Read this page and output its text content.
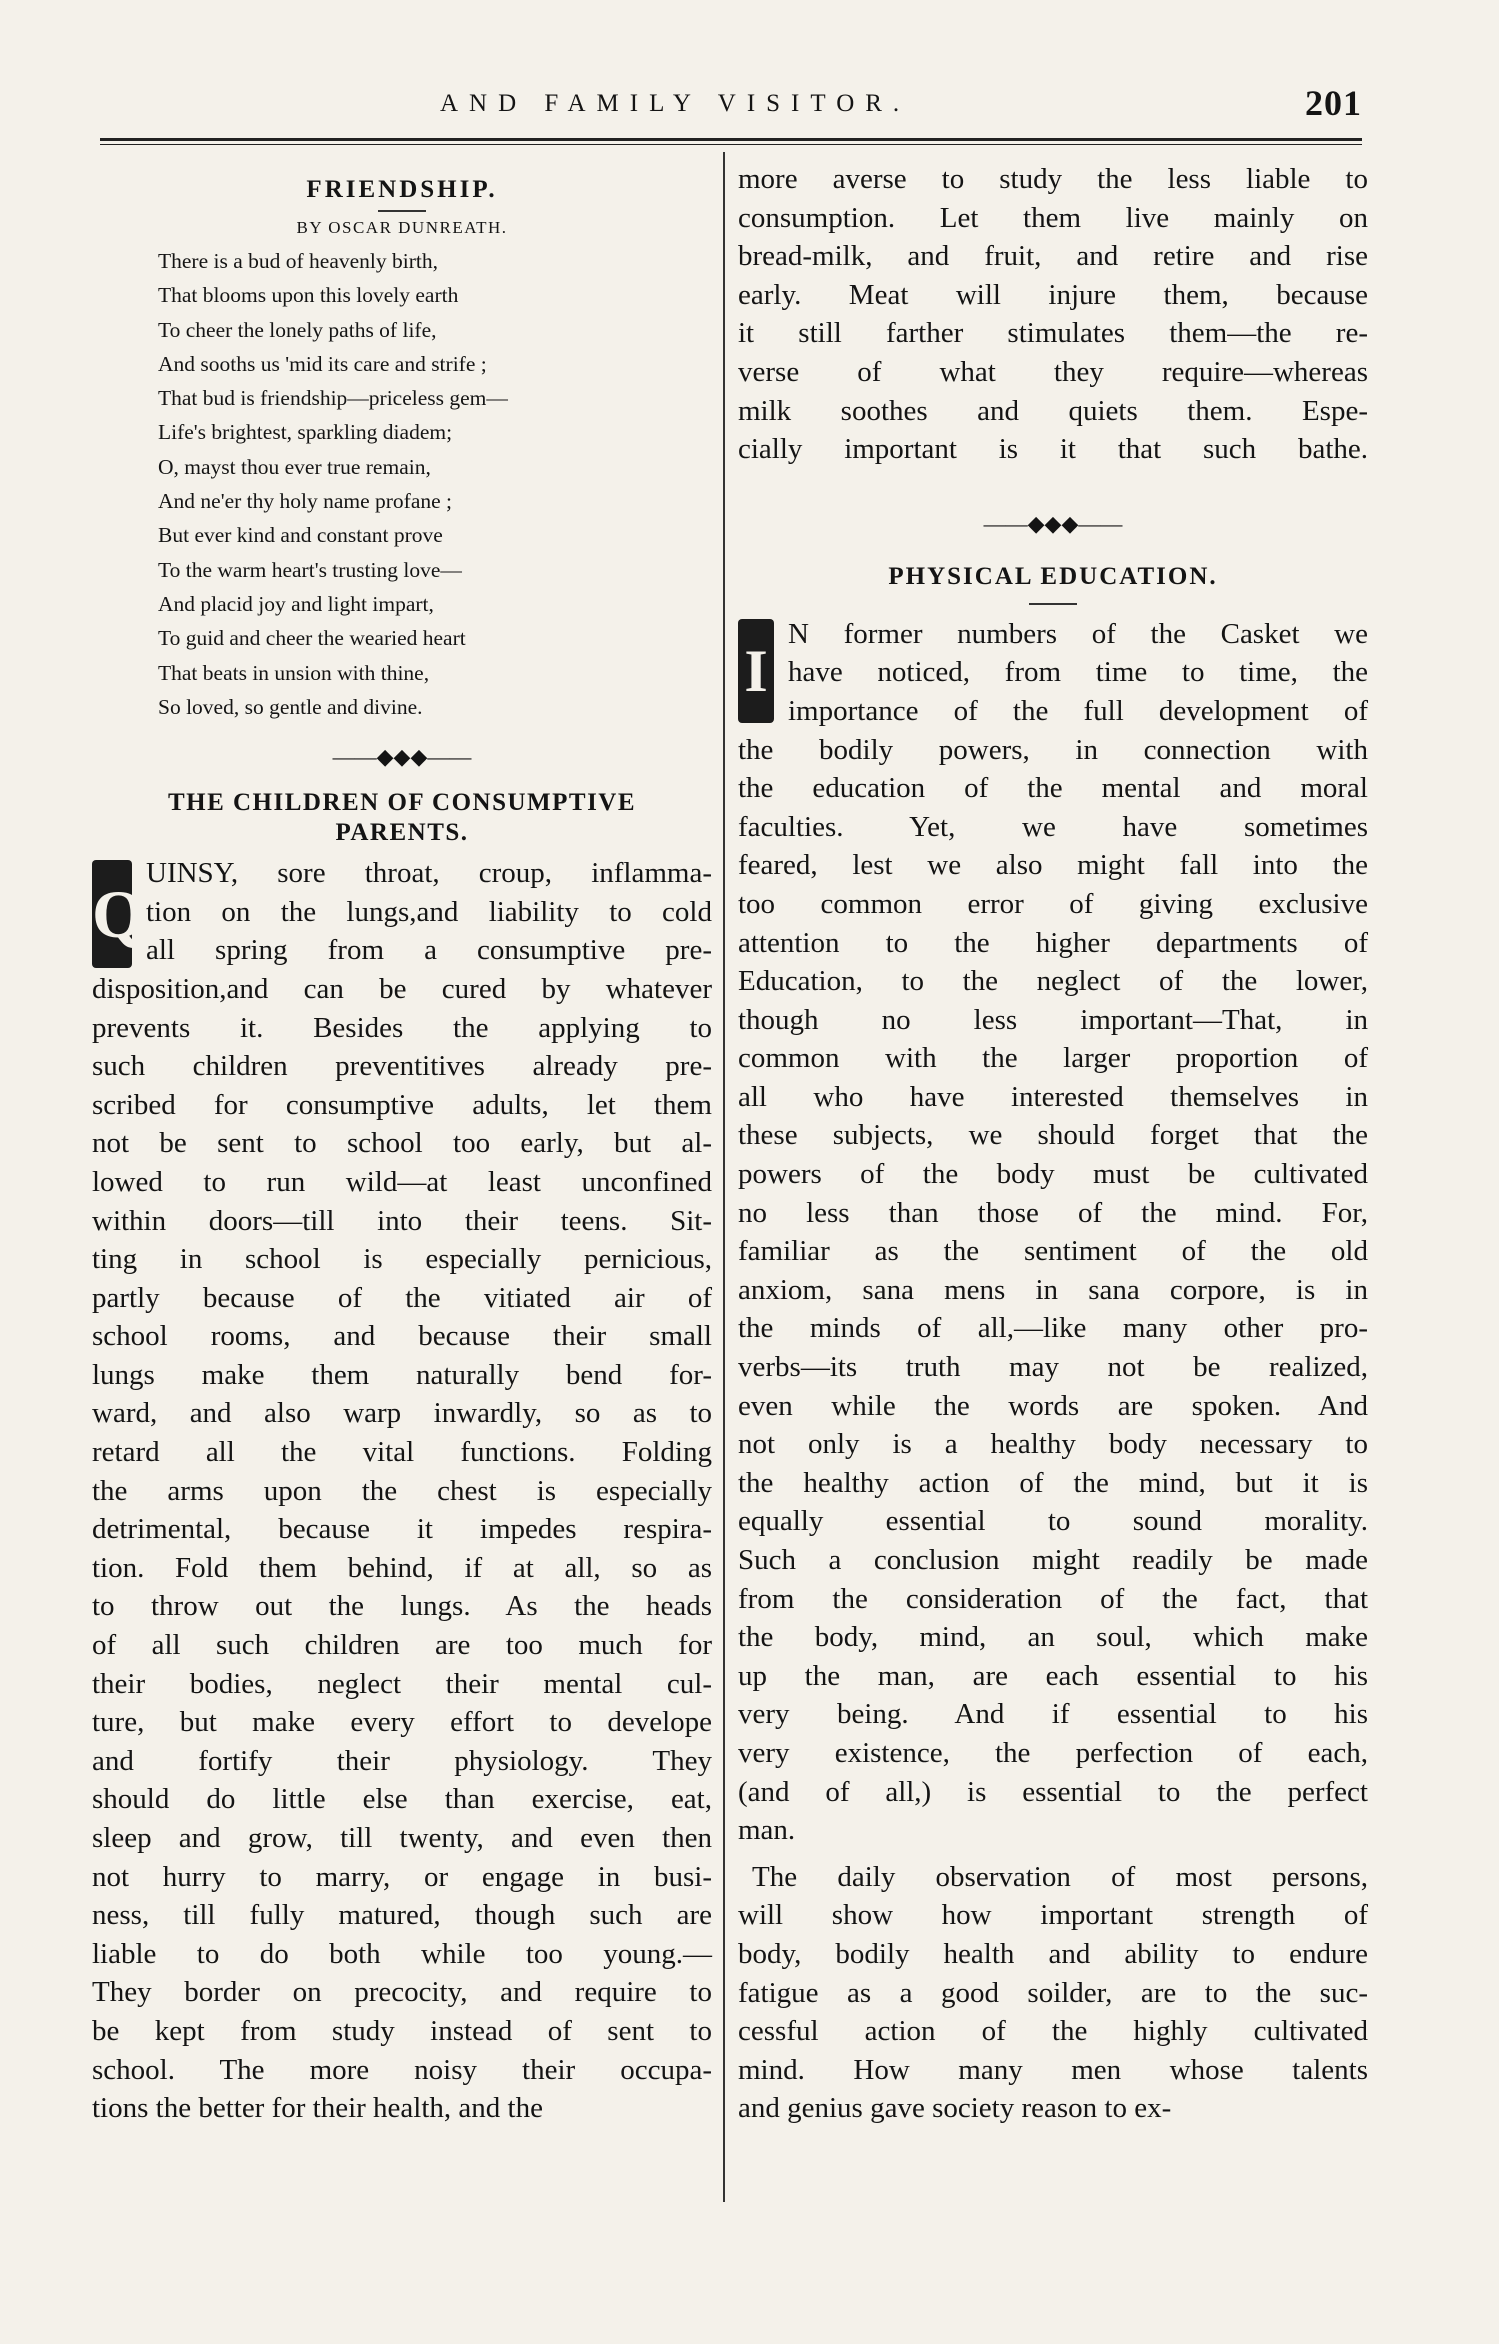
AND FAMILY VISITOR.	201
FRIENDSHIP.
BY OSCAR DUNREATH.
There is a bud of heavenly birth,
That blooms upon this lovely earth
To cheer the lonely paths of life,
And sooths us 'mid its care and strife ;
That bud is friendship—priceless gem—
Life's brightest, sparkling diadem;
O, mayst thou ever true remain,
And ne'er thy holy name profane ;
But ever kind and constant prove
To the warm heart's trusting love—
And placid joy and light impart,
To guid and cheer the wearied heart
That beats in unsion with thine,
So loved, so gentle and divine.
——◆◆◆——
THE CHILDREN OF CONSUMPTIVE
PARENTS.
Q
UINSY, sore throat, croup, inflamma-
tion on the lungs,and liability to cold
all spring from a consumptive pre-
disposition,and can be cured by whatever
prevents it. Besides the applying to
such children preventitives already pre-
scribed for consumptive adults, let them
not be sent to school too early, but al-
lowed to run wild—at least unconfined
within doors—till into their teens. Sit-
ting in school is especially pernicious,
partly because of the vitiated air of
school rooms, and because their small
lungs make them naturally bend for-
ward, and also warp inwardly, so as to
retard all the vital functions. Folding
the arms upon the chest is especially
detrimental, because it impedes respira-
tion. Fold them behind, if at all, so as
to throw out the lungs. As the heads
of all such children are too much for
their bodies, neglect their mental cul-
ture, but make every effort to develope
and fortify their physiology. They
should do little else than exercise, eat,
sleep and grow, till twenty, and even then
not hurry to marry, or engage in busi-
ness, till fully matured, though such are
liable to do both while too young.—
They border on precocity, and require to
be kept from study instead of sent to
school. The more noisy their occupa-
tions the better for their health, and the
more averse to study the less liable to
consumption. Let them live mainly on
bread-milk, and fruit, and retire and rise
early. Meat will injure them, because
it still farther stimulates them—the re-
verse of what they require—whereas
milk soothes and quiets them. Espe-
cially important is it that such bathe.
——◆◆◆——
PHYSICAL EDUCATION.
I
N former numbers of the Casket we
have noticed, from time to time, the
importance of the full development of
the bodily powers, in connection with
the education of the mental and moral
faculties. Yet, we have sometimes
feared, lest we also might fall into the
too common error of giving exclusive
attention to the higher departments of
Education, to the neglect of the lower,
though no less important—That, in
common with the larger proportion of
all who have interested themselves in
these subjects, we should forget that the
powers of the body must be cultivated
no less than those of the mind. For,
familiar as the sentiment of the old
anxiom, sana mens in sana corpore, is in
the minds of all,—like many other pro-
verbs—its truth may not be realized,
even while the words are spoken. And
not only is a healthy body necessary to
the healthy action of the mind, but it is
equally essential to sound morality.
Such a conclusion might readily be made
from the consideration of the fact, that
the body, mind, an soul, which make
up the man, are each essential to his
very being. And if essential to his
very existence, the perfection of each,
(and of all,) is essential to the perfect
man.
The daily observation of most persons,
will show how important strength of
body, bodily health and ability to endure
fatigue as a good soilder, are to the suc-
cessful action of the highly cultivated
mind. How many men whose talents
and genius gave society reason to ex-
